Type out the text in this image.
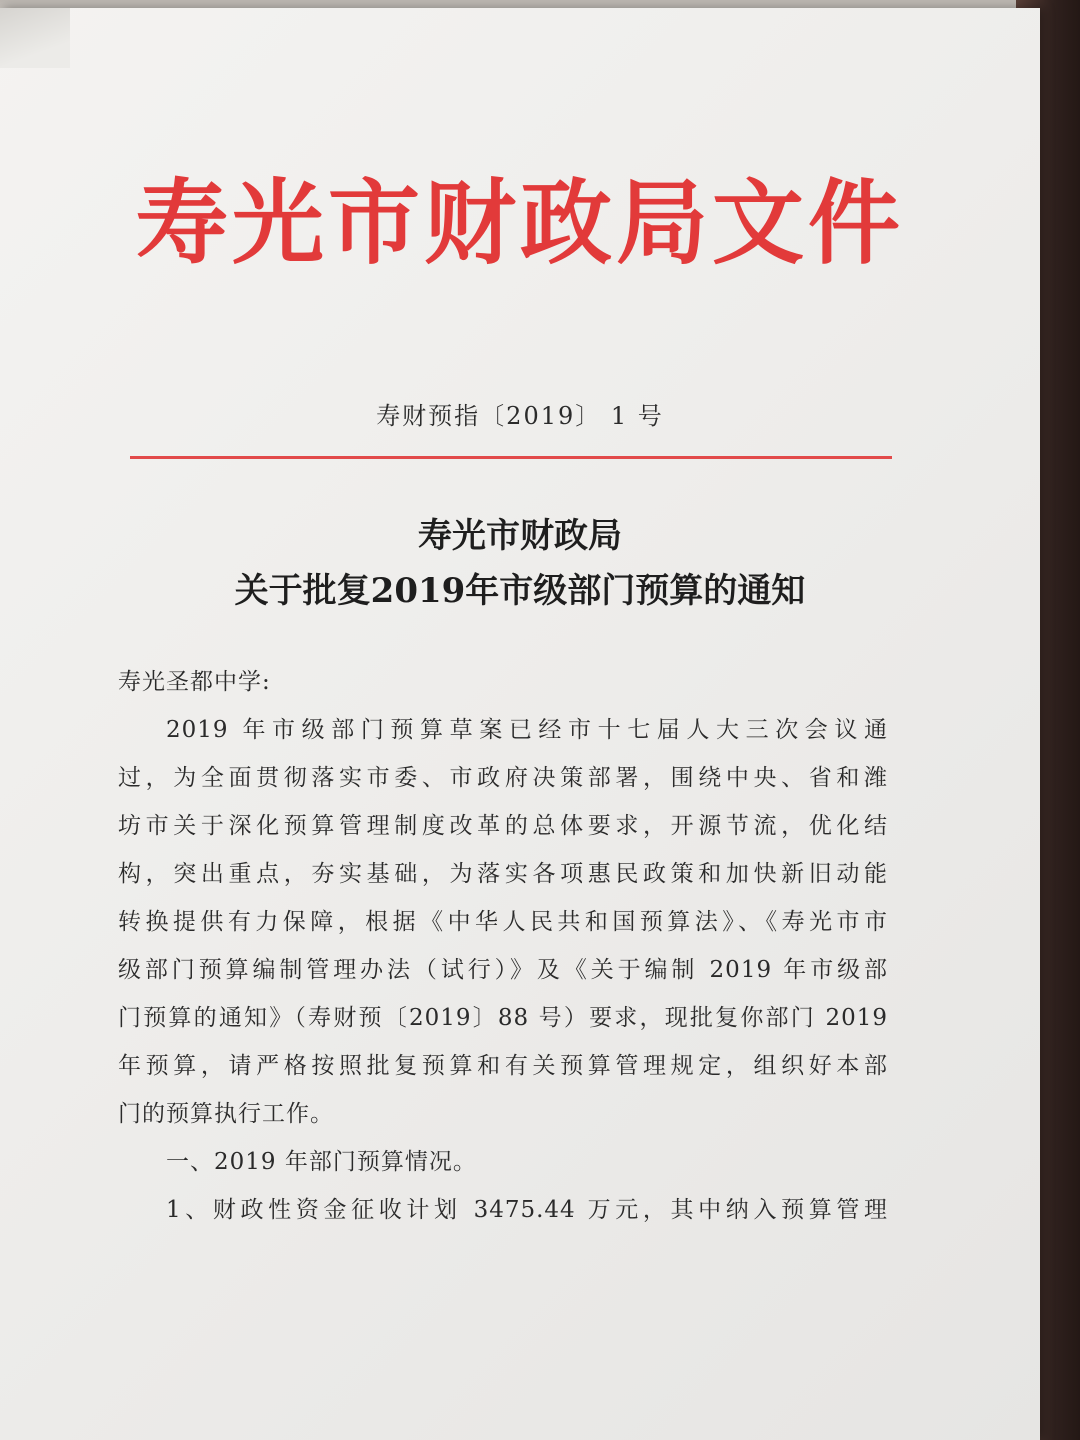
寿光市财政局文件
寿财预指〔2019〕 1 号
寿光市财政局
关于批复2019年市级部门预算的通知
寿光圣都中学:
2019 年市级部门预算草案已经市十七届人大三次会议通
过，为全面贯彻落实市委、市政府决策部署，围绕中央、省和潍
坊市关于深化预算管理制度改革的总体要求，开源节流，优化结
构，突出重点，夯实基础，为落实各项惠民政策和加快新旧动能
转换提供有力保障，根据《中华人民共和国预算法》、《寿光市市
级部门预算编制管理办法（试行）》及《关于编制 2019 年市级部
门预算的通知》（寿财预〔2019〕88 号）要求，现批复你部门 2019
年预算，请严格按照批复预算和有关预算管理规定，组织好本部
门的预算执行工作。
一、2019 年部门预算情况。
1、财政性资金征收计划 3475.44 万元，其中纳入预算管理
